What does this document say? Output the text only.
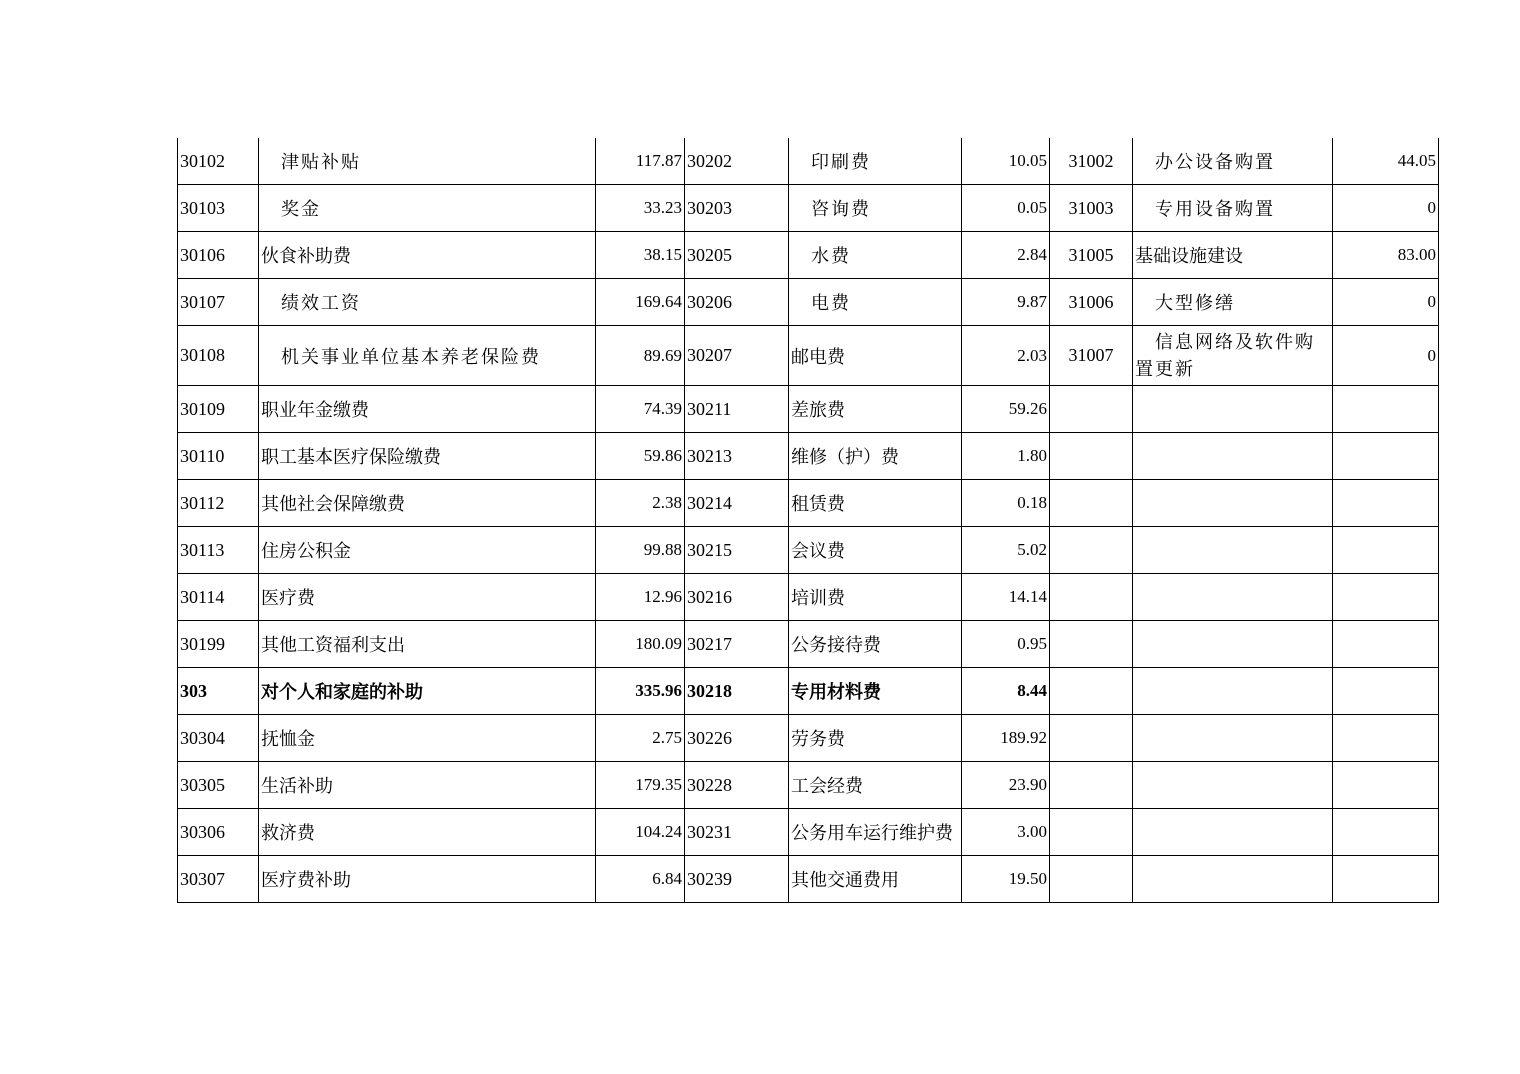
30102	津贴补贴	117.87	30202	印刷费	10.05	31002	办公设备购置	44.05
30103	奖金	33.23	30203	咨询费	0.05	31003	专用设备购置	0
30106	伙食补助费	38.15	30205	水费	2.84	31005	基础设施建设	83.00
30107	绩效工资	169.64	30206	电费	9.87	31006	大型修缮	0
30108	机关事业单位基本养老保险费	89.69	30207	邮电费	2.03	31007	信息网络及软件购
置更新	0
30109	职业年金缴费	74.39	30211	差旅费	59.26			
30110	职工基本医疗保险缴费	59.86	30213	维修（护）费	1.80			
30112	其他社会保障缴费	2.38	30214	租赁费	0.18			
30113	住房公积金	99.88	30215	会议费	5.02			
30114	医疗费	12.96	30216	培训费	14.14			
30199	其他工资福利支出	180.09	30217	公务接待费	0.95			
303	对个人和家庭的补助	335.96	30218	专用材料费	8.44			
30304	抚恤金	2.75	30226	劳务费	189.92			
30305	生活补助	179.35	30228	工会经费	23.90			
30306	救济费	104.24	30231	公务用车运行维护费	3.00			
30307	医疗费补助	6.84	30239	其他交通费用	19.50			
